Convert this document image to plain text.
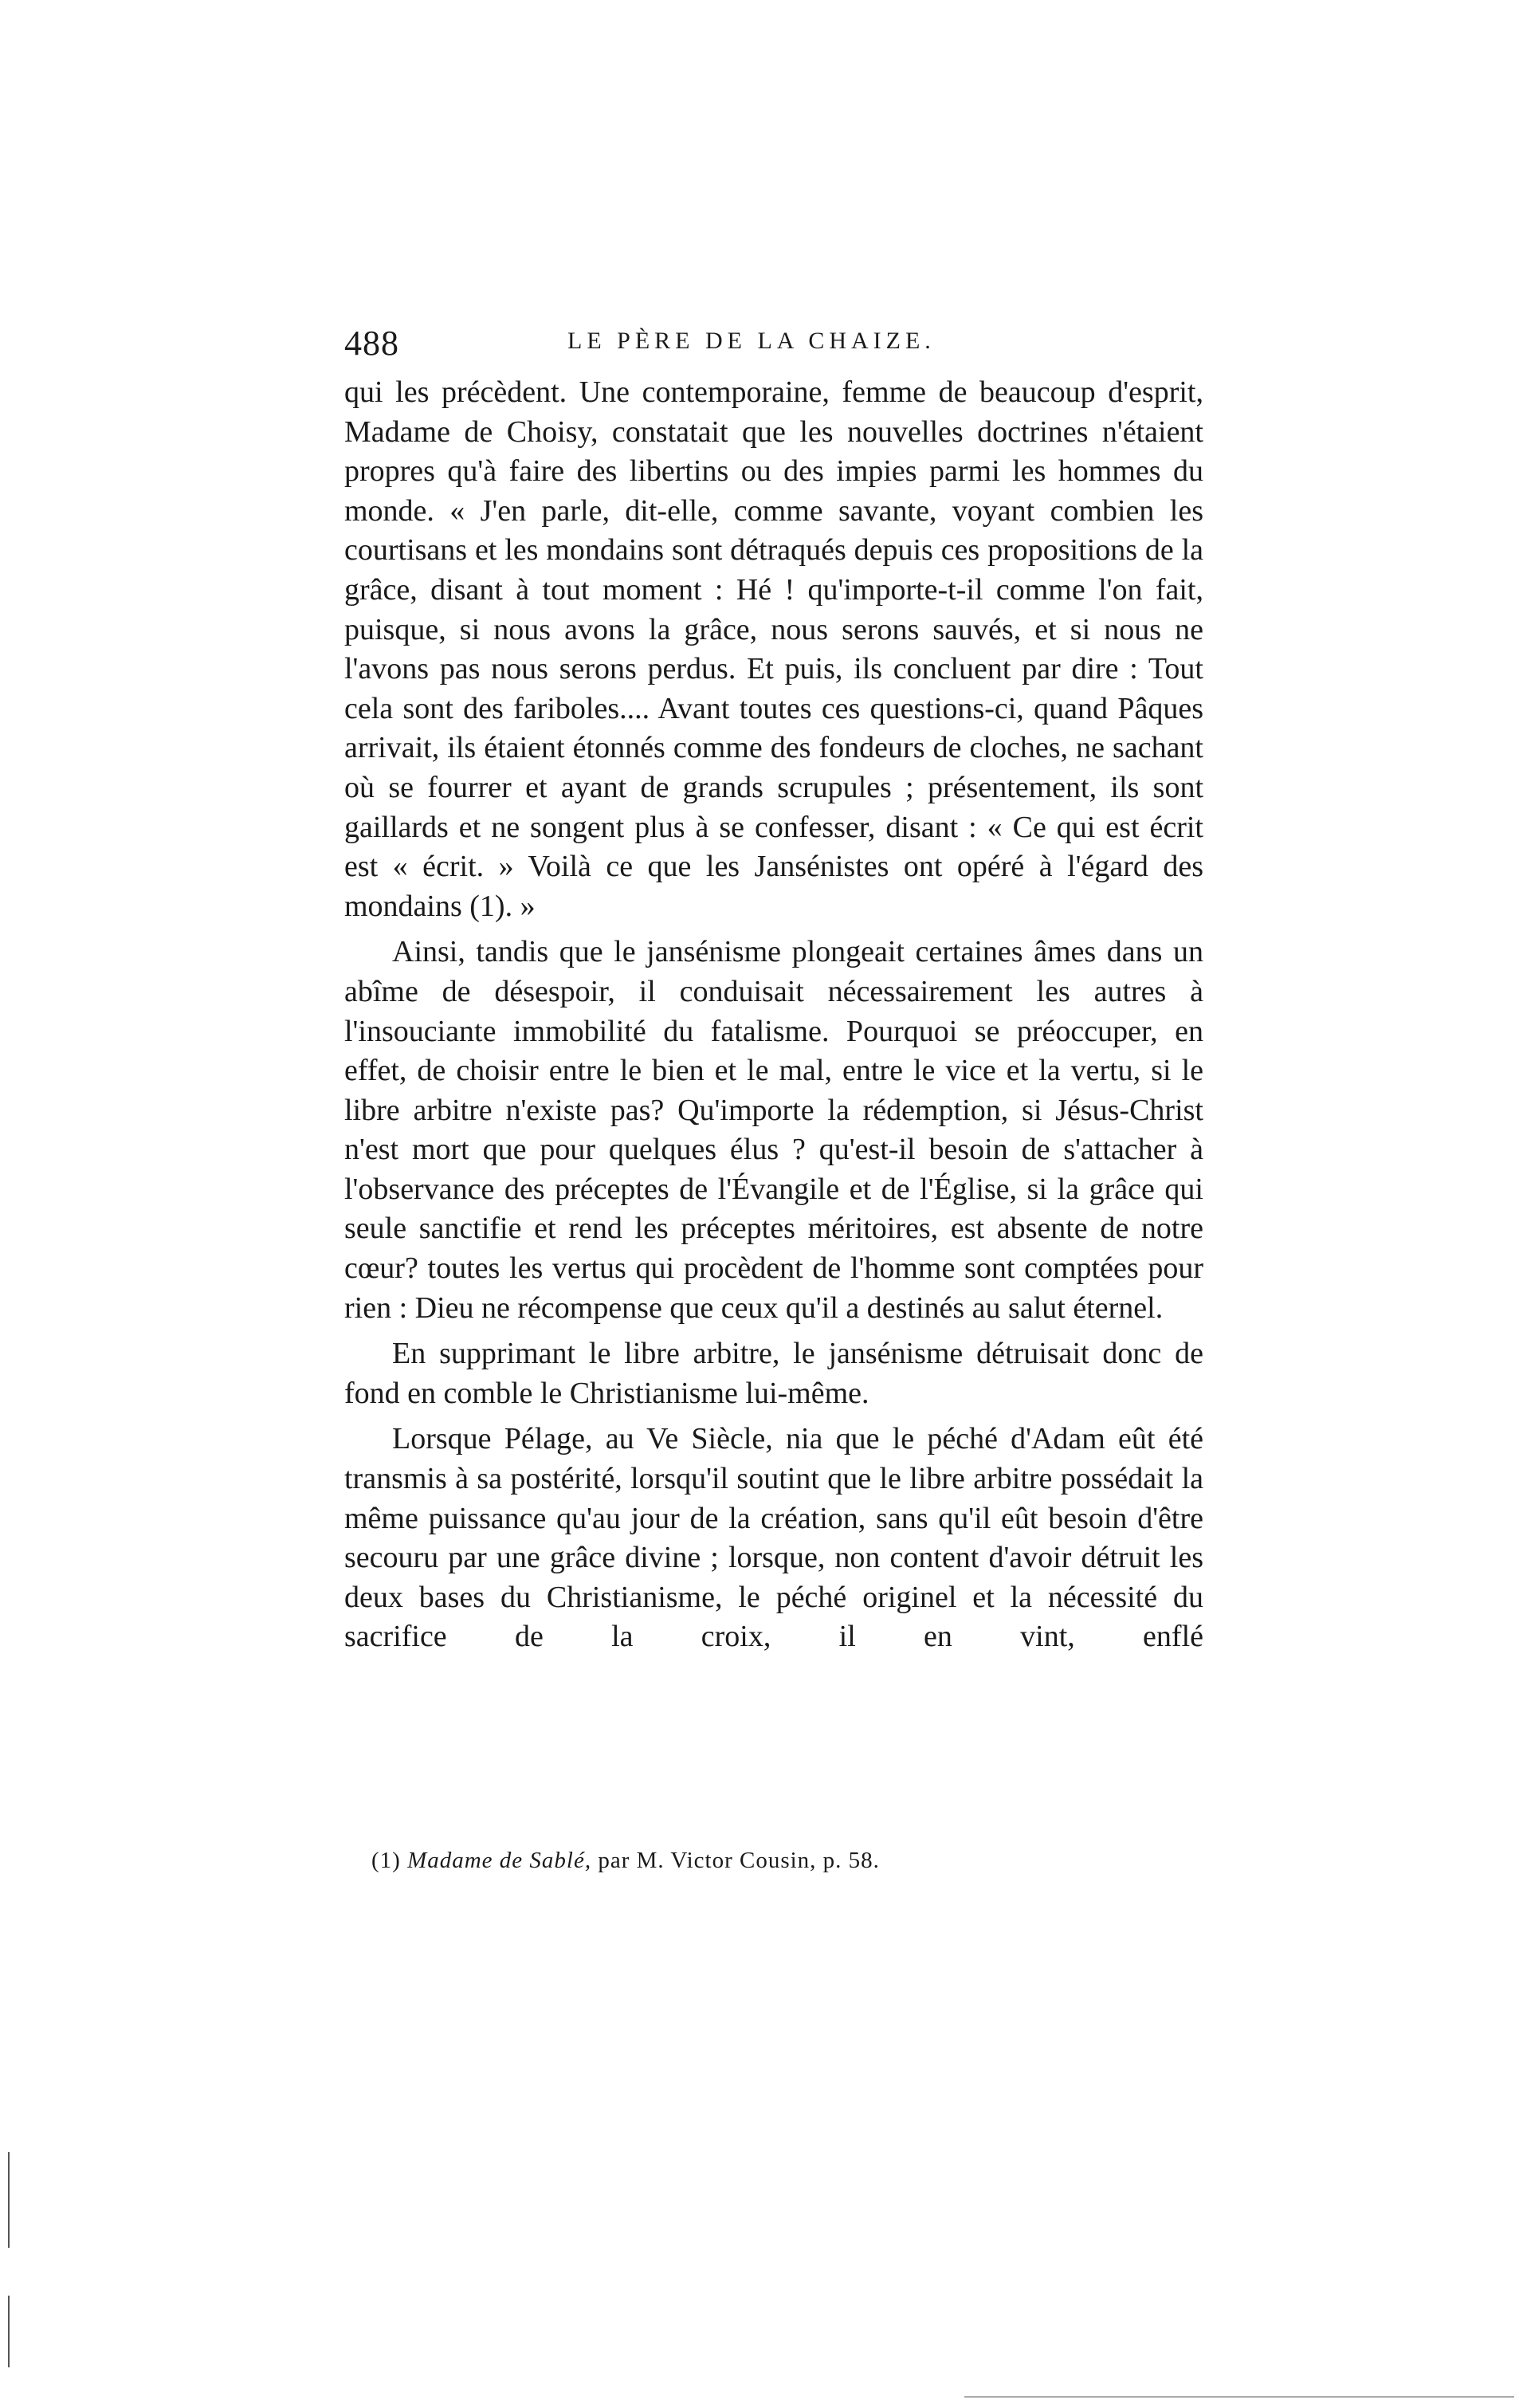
488	LE PÈRE DE LA CHAIZE.

qui les précèdent. Une contemporaine, femme de beaucoup d'esprit, Madame de Choisy, constatait que les nouvelles doctrines n'étaient propres qu'à faire des libertins ou des impies parmi les hommes du monde. « J'en parle, dit-elle, comme savante, voyant combien les courtisans et les mondains sont détraqués depuis ces propositions de la grâce, disant à tout moment : Hé ! qu'importe-t-il comme l'on fait, puisque, si nous avons la grâce, nous serons sauvés, et si nous ne l'avons pas nous serons perdus. Et puis, ils concluent par dire : Tout cela sont des fariboles.... Avant toutes ces questions-ci, quand Pâques arrivait, ils étaient étonnés comme des fondeurs de cloches, ne sachant où se fourrer et ayant de grands scrupules ; présentement, ils sont gaillards et ne songent plus à se confesser, disant : « Ce qui est écrit est « écrit. » Voilà ce que les Jansénistes ont opéré à l'égard des mondains (1). »

Ainsi, tandis que le jansénisme plongeait certaines âmes dans un abîme de désespoir, il conduisait nécessairement les autres à l'insouciante immobilité du fatalisme. Pourquoi se préoccuper, en effet, de choisir entre le bien et le mal, entre le vice et la vertu, si le libre arbitre n'existe pas? Qu'importe la rédemption, si Jésus-Christ n'est mort que pour quelques élus ? qu'est-il besoin de s'attacher à l'observance des préceptes de l'Évangile et de l'Église, si la grâce qui seule sanctifie et rend les préceptes méritoires, est absente de notre cœur? toutes les vertus qui procèdent de l'homme sont comptées pour rien : Dieu ne récompense que ceux qu'il a destinés au salut éternel.

En supprimant le libre arbitre, le jansénisme détruisait donc de fond en comble le Christianisme lui-même.

Lorsque Pélage, au Ve Siècle, nia que le péché d'Adam eût été transmis à sa postérité, lorsqu'il soutint que le libre arbitre possédait la même puissance qu'au jour de la création, sans qu'il eût besoin d'être secouru par une grâce divine ; lorsque, non content d'avoir détruit les deux bases du Christianisme, le péché originel et la nécessité du sacrifice de la croix, il en vint, enflé

(1) Madame de Sablé, par M. Victor Cousin, p. 58.
